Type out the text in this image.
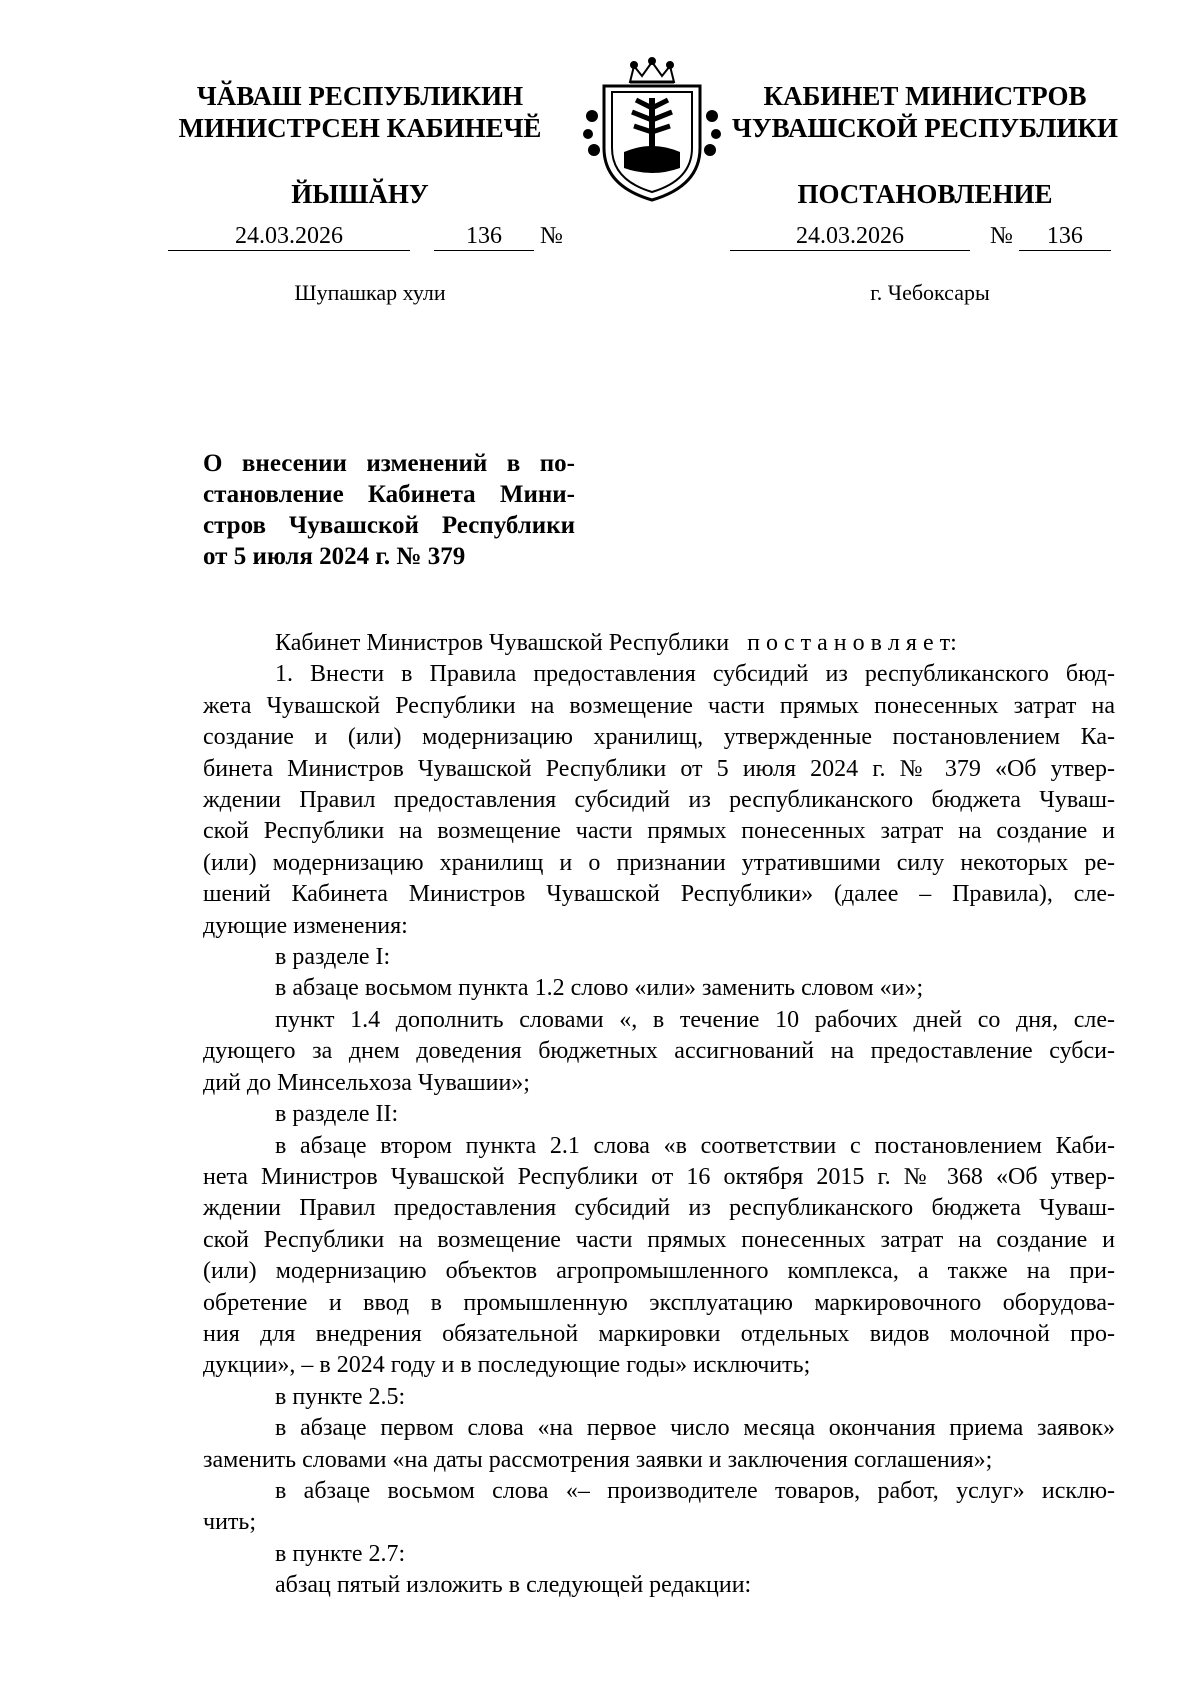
ЧӐВАШ РЕСПУБЛИКИН
МИНИСТРСЕН КАБИНЕЧӖ
ЙЫШӐНУ
КАБИНЕТ МИНИСТРОВ
ЧУВАШСКОЙ РЕСПУБЛИКИ
ПОСТАНОВЛЕНИЕ
24.03.2026	136 №	24.03.2026	№ 136
Шупашкар хули	г. Чебоксары
О внесении изменений в по-
становление Кабинета Мини-
стров Чувашской Республики
от 5 июля 2024 г. № 379
Кабинет Министров Чувашской Республики п о с т а н о в л я е т:
1. Внести в Правила предоставления субсидий из республиканского бюд-
жета Чувашской Республики на возмещение части прямых понесенных затрат на
создание и (или) модернизацию хранилищ, утвержденные постановлением Ка-
бинета Министров Чувашской Республики от 5 июля 2024 г. № 379 «Об утвер-
ждении Правил предоставления субсидий из республиканского бюджета Чуваш-
ской Республики на возмещение части прямых понесенных затрат на создание и
(или) модернизацию хранилищ и о признании утратившими силу некоторых ре-
шений Кабинета Министров Чувашской Республики» (далее – Правила), сле-
дующие изменения:
в разделе I:
в абзаце восьмом пункта 1.2 слово «или» заменить словом «и»;
пункт 1.4 дополнить словами «, в течение 10 рабочих дней со дня, сле-
дующего за днем доведения бюджетных ассигнований на предоставление субси-
дий до Минсельхоза Чувашии»;
в разделе II:
в абзаце втором пункта 2.1 слова «в соответствии с постановлением Каби-
нета Министров Чувашской Республики от 16 октября 2015 г. № 368 «Об утвер-
ждении Правил предоставления субсидий из республиканского бюджета Чуваш-
ской Республики на возмещение части прямых понесенных затрат на создание и
(или) модернизацию объектов агропромышленного комплекса, а также на при-
обретение и ввод в промышленную эксплуатацию маркировочного оборудова-
ния для внедрения обязательной маркировки отдельных видов молочной про-
дукции», – в 2024 году и в последующие годы» исключить;
в пункте 2.5:
в абзаце первом слова «на первое число месяца окончания приема заявок»
заменить словами «на даты рассмотрения заявки и заключения соглашения»;
в абзаце восьмом слова «– производителе товаров, работ, услуг» исклю-
чить;
в пункте 2.7:
абзац пятый изложить в следующей редакции:
